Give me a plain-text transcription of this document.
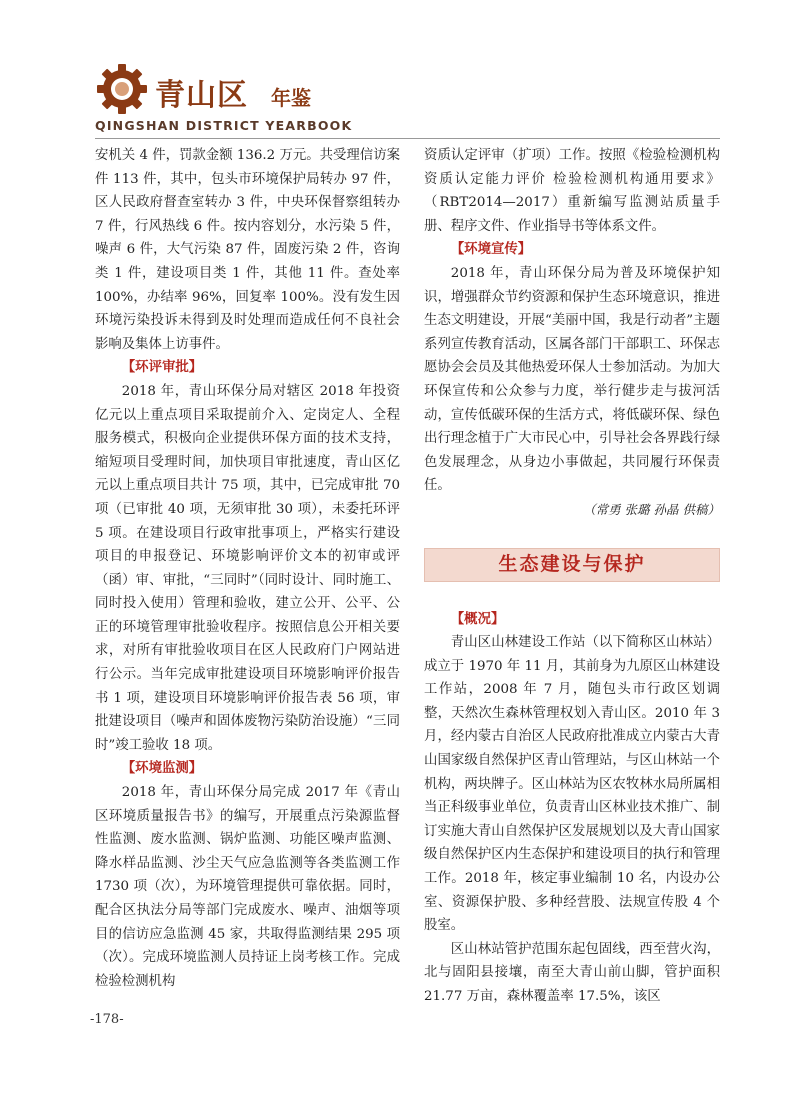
青山区 年鉴
QINGSHAN DISTRICT YEARBOOK

安机关 4 件，罚款金额 136.2 万元。共受理信访案件 113 件，其中，包头市环境保护局转办 97 件，区人民政府督查室转办 3 件，中央环保督察组转办 7 件，行风热线 6 件。按内容划分，水污染 5 件，噪声 6 件，大气污染 87 件，固废污染 2 件，咨询类 1 件，建设项目类 1 件，其他 11 件。查处率 100%，办结率 96%，回复率 100%。没有发生因环境污染投诉未得到及时处理而造成任何不良社会影响及集体上访事件。

【环评审批】

2018 年，青山环保分局对辖区 2018 年投资亿元以上重点项目采取提前介入、定岗定人、全程服务模式，积极向企业提供环保方面的技术支持，缩短项目受理时间，加快项目审批速度，青山区亿元以上重点项目共计 75 项，其中，已完成审批 70 项（已审批 40 项，无须审批 30 项），未委托环评 5 项。在建设项目行政审批事项上，严格实行建设项目的申报登记、环境影响评价文本的初审或评（函）审、审批，“三同时”（同时设计、同时施工、同时投入使用）管理和验收，建立公开、公平、公正的环境管理审批验收程序。按照信息公开相关要求，对所有审批验收项目在区人民政府门户网站进行公示。当年完成审批建设项目环境影响评价报告书 1 项，建设项目环境影响评价报告表 56 项，审批建设项目（噪声和固体废物污染防治设施）“三同时”竣工验收 18 项。

【环境监测】

2018 年，青山环保分局完成 2017 年《青山区环境质量报告书》的编写，开展重点污染源监督性监测、废水监测、锅炉监测、功能区噪声监测、降水样品监测、沙尘天气应急监测等各类监测工作 1730 项（次），为环境管理提供可靠依据。同时，配合区执法分局等部门完成废水、噪声、油烟等项目的信访应急监测 45 家，共取得监测结果 295 项（次）。完成环境监测人员持证上岗考核工作。完成检验检测机构

资质认定评审（扩项）工作。按照《检验检测机构资质认定能力评价 检验检测机构通用要求》（RBT2014—2017）重新编写监测站质量手册、程序文件、作业指导书等体系文件。

【环境宣传】

2018 年，青山环保分局为普及环境保护知识，增强群众节约资源和保护生态环境意识，推进生态文明建设，开展“美丽中国，我是行动者”主题系列宣传教育活动，区属各部门干部职工、环保志愿协会会员及其他热爱环保人士参加活动。为加大环保宣传和公众参与力度，举行健步走与拔河活动，宣传低碳环保的生活方式，将低碳环保、绿色出行理念植于广大市民心中，引导社会各界践行绿色发展理念，从身边小事做起，共同履行环保责任。

（常勇 张璐 孙晶 供稿）

生态建设与保护

【概况】

青山区山林建设工作站（以下简称区山林站）成立于 1970 年 11 月，其前身为九原区山林建设工作站，2008 年 7 月，随包头市行政区划调整，天然次生森林管理权划入青山区。2010 年 3 月，经内蒙古自治区人民政府批准成立内蒙古大青山国家级自然保护区青山管理站，与区山林站一个机构，两块牌子。区山林站为区农牧林水局所属相当正科级事业单位，负责青山区林业技术推广、制订实施大青山自然保护区发展规划以及大青山国家级自然保护区内生态保护和建设项目的执行和管理工作。2018 年，核定事业编制 10 名，内设办公室、资源保护股、多种经营股、法规宣传股 4 个股室。

区山林站管护范围东起包固线，西至营火沟，北与固阳县接壤，南至大青山前山脚，管护面积 21.77 万亩，森林覆盖率 17.5%，该区

-178-
